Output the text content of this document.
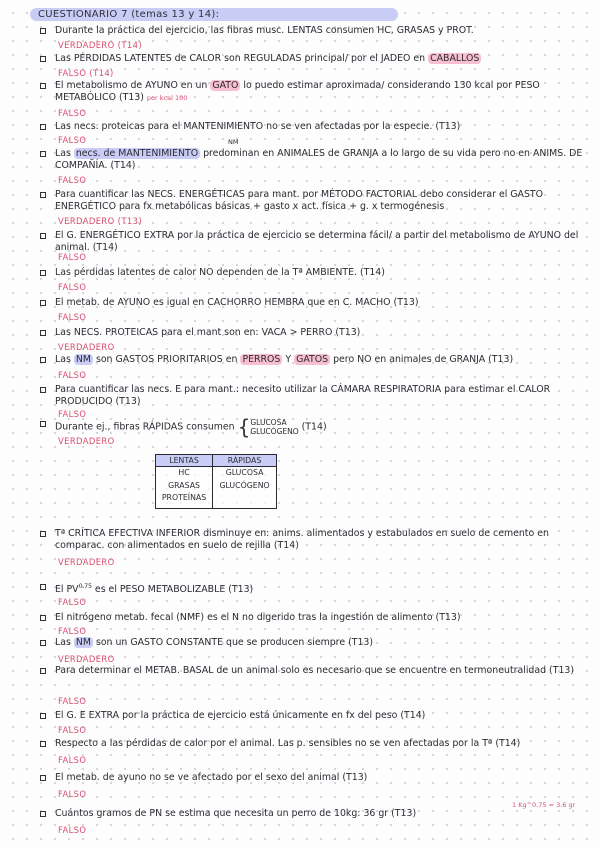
CUESTIONARIO 7 (temas 13 y 14):
Durante la práctica del ejercicio, las fibras musc. LENTAS consumen HC, GRASAS y PROT.
VERDADERO (T14)
Las PÉRDIDAS LATENTES de CALOR son REGULADAS principal/ por el JADEO en CABALLOS
FALSO (T14)
El metabolismo de AYUNO en un GATO lo puedo estimar aproximada/ considerando 130 kcal por PESO METABÓLICO (T13) por kcal 100
FALSO
Las necs. proteicas para el MANTENIMIENTO no se ven afectadas por la especie. (T13)
FALSO	NM
Las necs. de MANTENIMIENTO predominan en ANIMALES de GRANJA a lo largo de su vida pero no en ANIMS. DE COMPAÑÍA. (T14)
FALSO
Para cuantificar las NECS. ENERGÉTICAS para mant. por MÉTODO FACTORIAL debo considerar el GASTO ENERGÉTICO para fx metabólicas básicas + gasto x act. física + g. x termogénesis
VERDADERO (T13)
El G. ENERGÉTICO EXTRA por la práctica de ejercicio se determina fácil/ a partir del metabolismo de AYUNO del animal. (T14)
FALSO
Las pérdidas latentes de calor NO dependen de la Tª AMBIENTE. (T14)
FALSO
El metab. de AYUNO es igual en CACHORRO HEMBRA que en C. MACHO (T13)
FALSO
Las NECS. PROTEICAS para el mant son en: VACA > PERRO (T13)
VERDADERO
Las NM son GASTOS PRIORITARIOS en PERROS Y GATOS pero NO en animales de GRANJA (T13)
FALSO
Para cuantificar las necs. E para mant.: necesito utilizar la CÁMARA RESPIRATORIA para estimar el CALOR PRODUCIDO (T13)
FALSO
Durante ej., fibras RÁPIDAS consumen {GLUCOSA
GLUCÓGENO (T14)
VERDADERO
LENTAS	RÁPIDAS
HC	GLUCOSA
GRASAS	GLUCÓGENO
PROTEÍNAS	
Tª CRÍTICA EFECTIVA INFERIOR disminuye en: anims. alimentados y estabulados en suelo de cemento en comparac. con alimentados en suelo de rejilla (T14)
VERDADERO
El $PV^{0.75}$ es el PESO METABOLIZABLE (T13)
FALSO
El nitrógeno metab. fecal (NMF) es el N no digerido tras la ingestión de alimento (T13)
FALSO
Las NM son un GASTO CONSTANTE que se producen siempre (T13)
VERDADERO
Para determinar el METAB. BASAL de un animal solo es necesario que se encuentre en termoneutralidad (T13)
FALSO
El G. E EXTRA por la práctica de ejercicio está únicamente en fx del peso (T14)
FALSO
Respecto a las pérdidas de calor por el animal. Las p. sensibles no se ven afectadas por la Tª (T14)
FALSO
El metab. de ayuno no se ve afectado por el sexo del animal (T13)
FALSO
Cuántos gramos de PN se estima que necesita un perro de 10kg: 36 gr (T13)
FALSO
1 Kg^0.75 = 3.6 gr
